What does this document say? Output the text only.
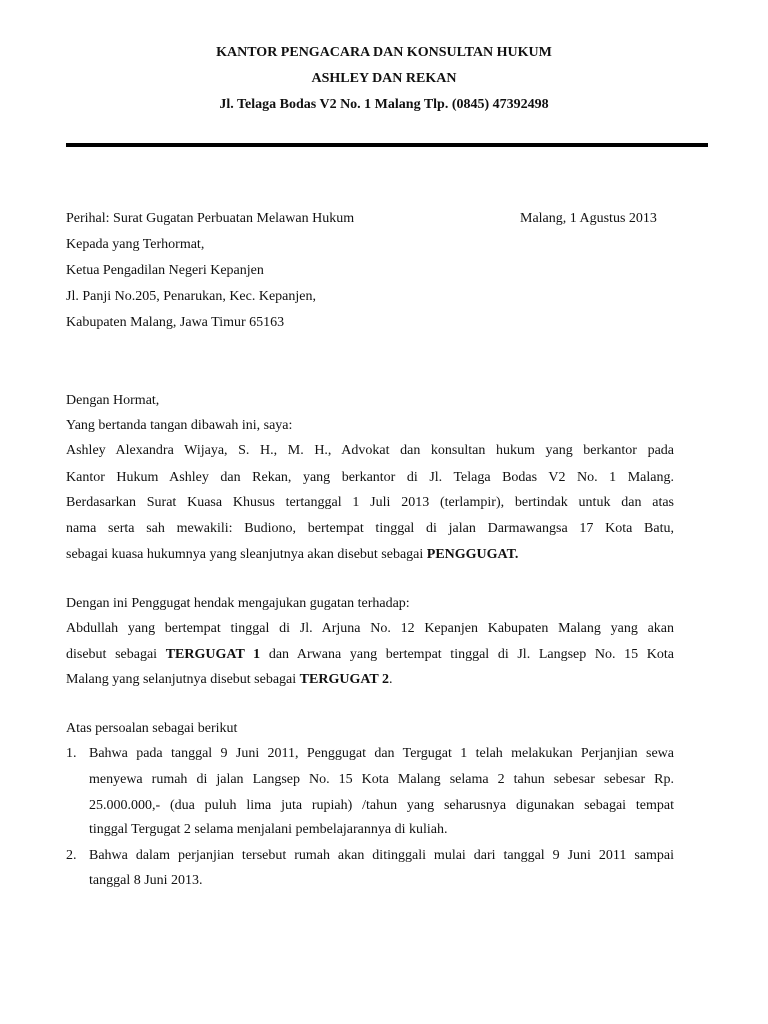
KANTOR PENGACARA DAN KONSULTAN HUKUM
ASHLEY DAN REKAN
Jl. Telaga Bodas V2 No. 1 Malang Tlp. (0845) 47392498
Perihal: Surat Gugatan Perbuatan Melawan Hukum	Malang, 1 Agustus 2013
Kepada yang Terhormat,
Ketua Pengadilan Negeri Kepanjen
Jl. Panji No.205, Penarukan, Kec. Kepanjen,
Kabupaten Malang, Jawa Timur 65163
Dengan Hormat,
Yang bertanda tangan dibawah ini, saya:
Ashley Alexandra Wijaya, S. H., M. H., Advokat dan konsultan hukum yang berkantor pada
Kantor Hukum Ashley dan Rekan, yang berkantor di Jl. Telaga Bodas V2 No. 1 Malang.
Berdasarkan Surat Kuasa Khusus tertanggal 1 Juli 2013 (terlampir), bertindak untuk dan atas
nama serta sah mewakili: Budiono, bertempat tinggal di jalan Darmawangsa 17 Kota Batu,
sebagai kuasa hukumnya yang sleanjutnya akan disebut sebagai PENGGUGAT.
Dengan ini Penggugat hendak mengajukan gugatan terhadap:
Abdullah yang bertempat tinggal di Jl. Arjuna No. 12 Kepanjen Kabupaten Malang yang akan
disebut sebagai TERGUGAT 1 dan Arwana yang bertempat tinggal di Jl. Langsep No. 15 Kota
Malang yang selanjutnya disebut sebagai TERGUGAT 2.
Atas persoalan sebagai berikut
1. Bahwa pada tanggal 9 Juni 2011, Penggugat dan Tergugat 1 telah melakukan Perjanjian sewa
menyewa rumah di jalan Langsep No. 15 Kota Malang selama 2 tahun sebesar sebesar Rp.
25.000.000,- (dua puluh lima juta rupiah) /tahun yang seharusnya digunakan sebagai tempat
tinggal Tergugat 2 selama menjalani pembelajarannya di kuliah.
2. Bahwa dalam perjanjian tersebut rumah akan ditinggali mulai dari tanggal 9 Juni 2011 sampai
tanggal 8 Juni 2013.
